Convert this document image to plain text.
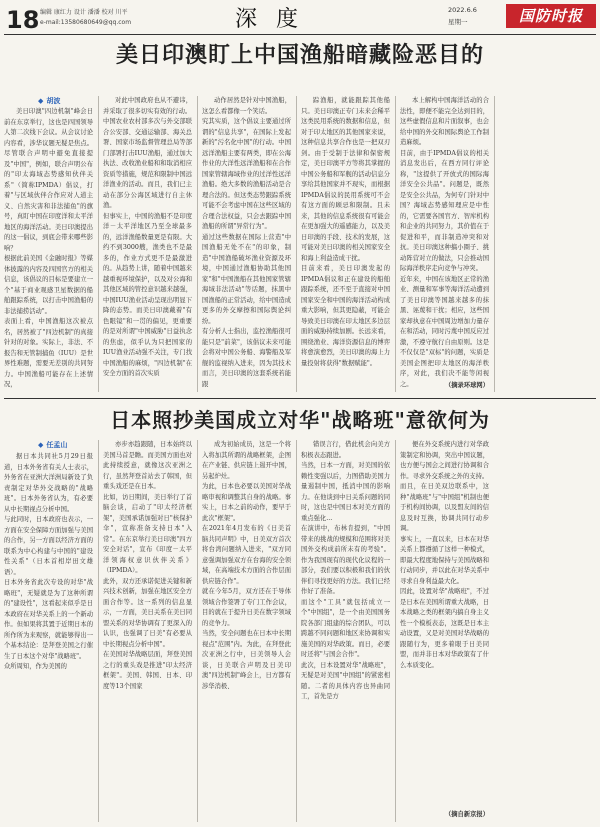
18 编辑 康红力 设计 潘潘 校对 川平
e-mail:13580680649@qq.com	深 度	2022.6.6
星期一	国防时报
美日印澳盯上中国渔船暗藏险恶目的
◆ 胡波
美日印澳"四边机制"峰会日前在东京举行，这也是四国领导人第二次线下会议。从会议讨论内容看，涉华议题无疑是焦点。尽管联合声明中避免直接提及"中国"，例如，联合声明公布的"印太海域态势感知伙伴关系"（简称IPMDA）倡议，打着"与区域伙伴合作应对人道主义、自然灾害和非法捕鱼"的旗号，真盯中国在印度洋和太平洋地区的海洋活动。美日印澳提出的这一倡议，到底会带来哪些影响？
根据此前美国《金融时报》等媒体披露的内容及四国官方的相关信息，该倡议的目标是要建立一个"基于商业观感卫星数据的船舶跟踪系统，以打击中国渔船的非法捕捞活动"。
表面上看，中国渔船这次被点名，居然被了"四边机制"的真接针对的对象。实际上，非法、不报告和无管制捕鱼（IUU）是世界性难题，需要无差别的共同努力。中国渔船可能存在上述情况，
对此中国政府也从不避讳，并采取了很多切实有效的行动。
中国农业农村部多次与外交部联合公安部、交通运输部、海关总署、国家市场监督管理总局等部门部署打击IUU渔船，通过加大执法、改收渔业船和和取消相应资质等措施，规范和限制中国远洋渔业的活动。而且，我们已主动在部分公海区域进行自主休渔。
但事实上，中国的渔船不是印度洋－太平洋地区乃至全球最多的，远洋渔船数量更是有限。大约不到3000艘，渔类也不是最多的，作业方式更不是最激进的。从趋势上讲，随着中国越来越重视环境保护，以及对公海和其他区域的管控意识越来越强，中国IUU渔业活动呈现出明显下降的态势。而美日印澳戴着"有色眼镜"和一贯的偏见，更重要的是对所谓"中国威胁"日益执念的焦虑，似乎认为只把国家的IUU渔业活动强不关注，专门找中国渔船的麻烦，"四边机制"在安全方面的首次实质
动作居然是针对中国渔船，这怎么看都像一个笑话。
究其实质，这个倡议主要通过所谓的"信息共享"，在国际上发起新的"污名化中国"的行动。中国远洋渔船主要有两类，即在公海作业的大洋性远洋渔船和在合作国家管辖海域作业的过洋性远洋渔船。绝大多数的渔船活动是合理合法的。但这类态势跟踪系统可能不会考虑中国在这些区域的合理合法权益，只会去跟踪中国渔船的所谓"异常行为"。
通过这些数据在国际上营造"中国渔船无处不在"的印象，制造"中国渔船破坏渔业资源及环境，中国通过渔船协助其他国家"和"中国渔船在其他国家管辖海域非法活动"等话题，抹黑中国渔船的正常活动，给中国造成更多的外交摩擦和国际舆论纠纷。
有分析人士指出，监控渔船很可能只是"前菜"，该倡议未来可能会将对中国公务船、海警船及军舰的监视纳入进来，因为其技术而言，美日印澳的这套系统若能跟
踪渔船，就能跟踪其他船只。美日印澳正专门未来会稀平这类民用系统的数据和信息，但对于印太地区的其他国家来说，这种信息共享合作也是一把双刃剑。由于受制于法律和保密规定，美日印澳平方等将其掌握的中国公务船和军舰的活动信息分享给其他国家并不现实，而根据IPMDA倡议的民用系统可不会有这方面的顾忌和限制。且未来，其他的信息系统很有可能会在更加强大的遥感能力，以及美日印澳的手段、技术的发展，这可能对美日印澳的相关国家安全和海上利益造成干扰。
目前来看，美日印澳发起的IPMDA倡议和正在建设的船舶跟踪系统，还不至于直接对中国国家安全和中国的海洋活动构成重大影响，但其更隐蔽，可能会导致美日印澳在印太地区多边层面的威胁持续加剧。长远来看，围绕渔业、海洋资源信息的博弈将愈演愈烈，美日印澳的海上力量投射将获得"数据赋能"。
本上解构中国海洋活动的合法性，即便不能完全达到目的，这些虚假信息和片面叙事，也会给中国的外交和国际舆论工作制造麻烦。
目前，由于IPMDA倡议的相关消息发出后，在西方同行评论称，"这提供了开放式的国际海洋安全公共品"。问题是，既然是安全公共品，为何专门针对中国？海域态势感知理应是中性的，它需要各国官方、智库机构和企业的共同努力，其价值在于促进和平，而非制造冲突和对抗。美日印澳这种搞小圈子、挑动阵营对立的做法，只会推动国际海洋秩序走向竞争与冲突。
近年来，中国在该地区正常的渔业、测量和军事等海洋活动遭到了美日印澳等国越来越多的抹黑、诬蔑和干扰；相应，这些国家却执意在中国周边增加力量存在和活动，同时污蔑中国反应过激，不遵守航行自由原则。这是不仅仅是"双标"的问题，实质是美国企图把印太地区的海洋秩序，对此，我们决不能等闲视之。	（摘录环球网）
日本照抄美国成立对华"战略班"意欲何为
◆ 任孟山
据日本共同社5月29日报道，日本外务省有关人士表示，外务省在亚洲大洋洲局新设了负责制定对华外交战略的"战略班"。日本外务省认为，有必要从中长期视点分析中国。
与此同时，日本政府也表示，一方面在安全保障方面加强与美国的合作，另一方面以经济方面的联系为中心构建与中国的"建设性关系"（日本首相岸田文雄语）。
日本外务省此次专设的对华"战略班"，无疑就是为了这种所谓的"建设性"，这看起来似乎是日本政府在对华关系上的一个新动作。但如果将其置于近期日本的所作所为来观察，就能够得出一个基本结论：是拜登美国之行催生了日本这个对华"战略班"。
众所周知，作为美国的
亦步亦趋跟随，日本始终以美国马首是瞻。而美国方面也对此持续授意，就像这次亚洲之行，虽然拜登首站去了韩国，但重头戏还是在日本。
比如，访日期间，美日举行了首脑会谈，启动了"印太经济框架"，美国承诺加强对日"核保护伞"，宣称准备支持日本"入常"。在东京举行美日印澳"四方安全对话"，宣布《印度－太平洋领海权意识伙伴关系》（IPMDA）。
此外，双方还承诺促进关键和新兴技术创新，加强在地区安全方面合作等。这一系列的信息显示，一方面，美日关系在美日同盟关系的对华协调有了更深入的认识，也强调了日美"有必要从中长期视点分析中国"。
在美国对华战略层面，拜登美国之行的重头戏是推进"印太经济框架"。美国、韩国、日本、印度等13个国家
成为初始成员，这是一个将入将加其所谓的战略框架，企图在产业链、供应链上遏开中国，另起炉灶。
为此，日本也必要以美国对华战略审视和调整其自身的战略。事实上，日本之前的动作，要早于此次"框架"。
在2021年4月发布的《日美首脑共同声明》中，日美双方首次将台湾问题纳入进来，"双方同意强调加强双方在台海的安全领域，在高端技术方面的合作层面供应链合作"。
就在今年5月，双方还在于导体领域合作签署了专门工作会议，目的就在于提升日美在数字领域的竞争力。
当然，安全问题也在日本中长期视点"范围"内。为此，在拜登此次亚洲之行中，日美领导人会谈，日美联合声明及日美印澳"四边机制"峰会上，日方都有涉华消极、
错误言行，借此机会向美方积极表态跟进。
当然，日本一方面，对美国的依赖性变强以后，力图借助美国力量遏制中国，抵消中国的影响力。在他谈到中日关系问题的同时，这也是中国日本对美方面的重点强化...
在演讲中，布林肯提到，"中国带来的挑战的规模和范围将对美国外交构成前所未有的考验"。作为我国现有的现代化议程的一部分，我们要以积极和我们的伙伴们寻找更好的方法。我们已经作好了准备。
而这个"工具"就包括成立一个"中国组"，是一个由美国国务院各部门组建的综合团队，可以跨越不同问题和地区来协调和实施美国的对华政策。而日，必要时还将"与国会合作"。
此次，日本设置对华"战略班"，无疑是对美国"中国组"的紧密相随。二者的具体内容也异曲同工，首先是方
便在外交系统内进行对华政策制定和协调，突出中国议题，也方便与国会之间进行协调和合作。寻求外交系统之外的支持。
而且，在日美双边联系中，这种"战略班"与"中国组"机制也便于机构间协调，以及盟友间的信息及时互换，协调共同行动步调。
事实上，一直以来，日本在对华关系上都遵循了这样一种模式，即最大程度地保持与美国战略和行动同步，并以此在对华关系中寻求自身利益最大化。
因此，设置对华"战略班"，不过是日本在美国所谓重大战略，日本战略之类的框架内搞自身主义性一个模板表态，这既是日本主动设置，又是对美国对华战略的跟随行为，更多着眼于日美同盟，而并非日本对华政策有了什么本质变化。
（摘自新京报）
